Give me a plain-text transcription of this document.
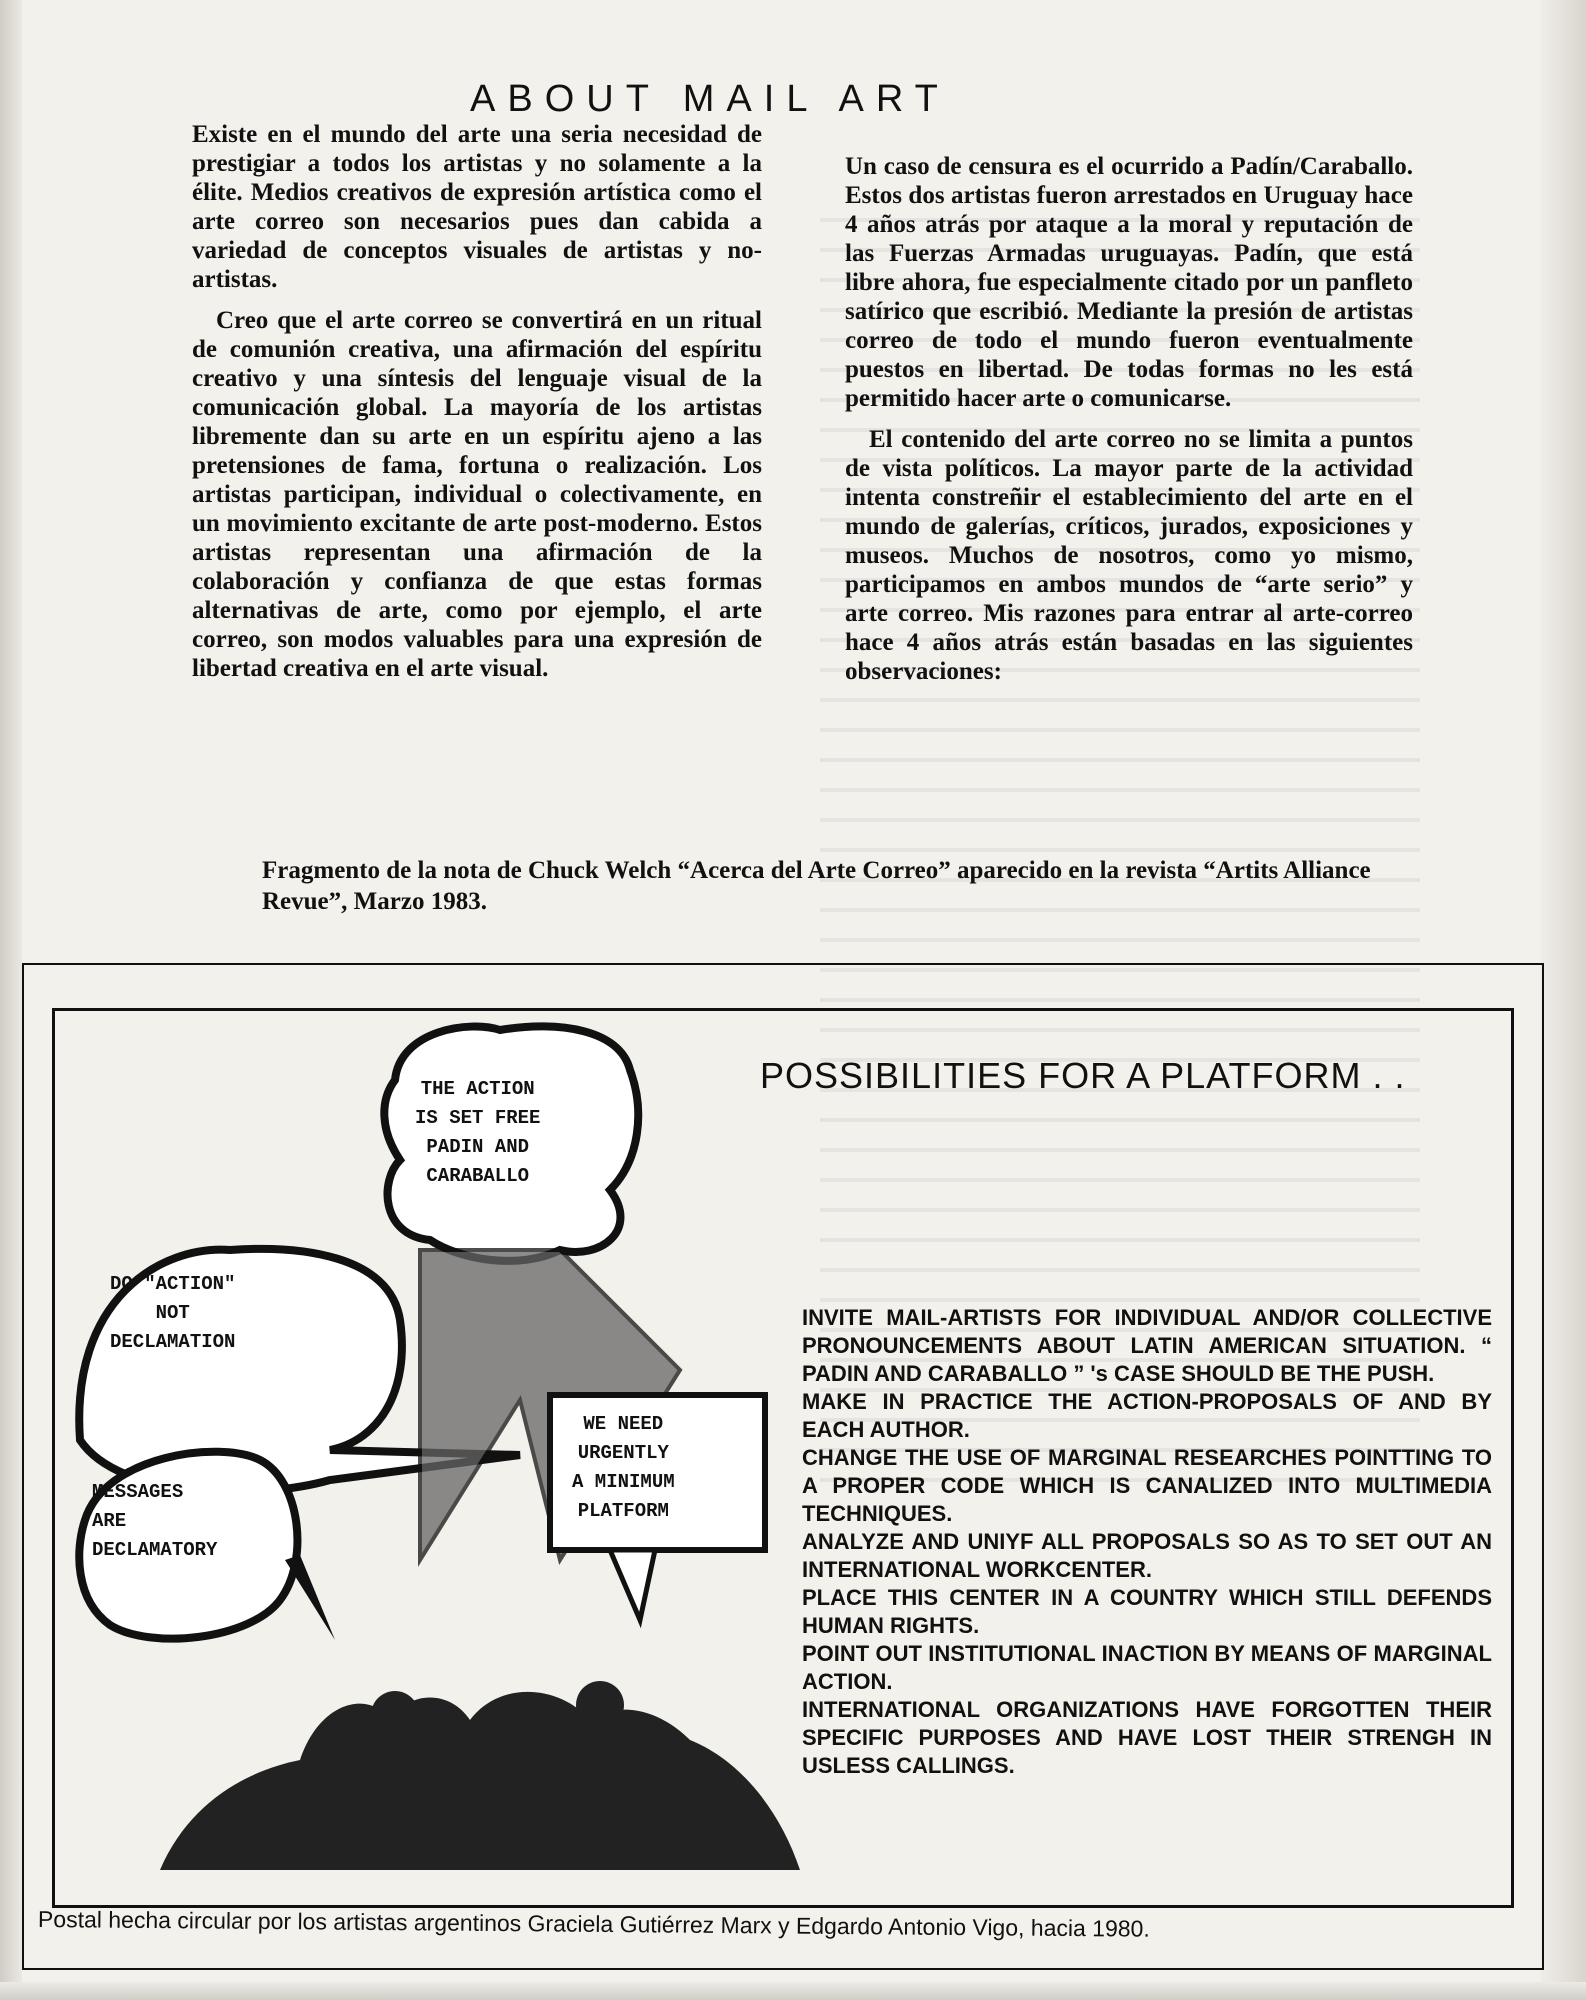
ABOUT MAIL ART

Existe en el mundo del arte una seria necesidad de prestigiar a todos los artistas y no solamente a la élite. Medios creativos de expresión artística como el arte correo son necesarios pues dan cabida a variedad de conceptos visuales de artistas y no-artistas.

Creo que el arte correo se convertirá en un ritual de comunión creativa, una afirmación del espíritu creativo y una síntesis del lenguaje visual de la comunicación global. La mayoría de los artistas libremente dan su arte en un espíritu ajeno a las pretensiones de fama, fortuna o realización. Los artistas participan, individual o colectivamente, en un movimiento excitante de arte post-moderno. Estos artistas representan una afirmación de la colaboración y confianza de que estas formas alternativas de arte, como por ejemplo, el arte correo, son modos valuables para una expresión de libertad creativa en el arte visual.

Un caso de censura es el ocurrido a Padín/Caraballo. Estos dos artistas fueron arrestados en Uruguay hace 4 años atrás por ataque a la moral y reputación de las Fuerzas Armadas uruguayas. Padín, que está libre ahora, fue especialmente citado por un panfleto satírico que escribió. Mediante la presión de artistas correo de todo el mundo fueron eventualmente puestos en libertad. De todas formas no les está permitido hacer arte o comunicarse.

El contenido del arte correo no se limita a puntos de vista políticos. La mayor parte de la actividad intenta constreñir el establecimiento del arte en el mundo de galerías, críticos, jurados, exposiciones y museos. Muchos de nosotros, como yo mismo, participamos en ambos mundos de “arte serio” y arte correo. Mis razones para entrar al arte-correo hace 4 años atrás están basadas en las siguientes observaciones:

Fragmento de la nota de Chuck Welch “Acerca del Arte Correo” aparecido en la revista “Artits Alliance Revue”, Marzo 1983.
THE ACTION
IS SET FREE
PADIN AND
CARABALLO
DO "ACTION"
NOT
DECLAMATION
WE NEED
URGENTLY
A MINIMUM
PLATFORM
MESSAGES
ARE
DECLAMATORY
POSSIBILITIES FOR A PLATFORM . .
INVITE MAIL-ARTISTS FOR INDIVIDUAL AND/OR COLLECTIVE PRONOUNCEMENTS ABOUT LATIN AMERICAN SITUATION. “ PADIN AND CARABALLO ” 's CASE SHOULD BE THE PUSH.
MAKE IN PRACTICE THE ACTION-PROPOSALS OF AND BY EACH AUTHOR.
CHANGE THE USE OF MARGINAL RESEARCHES POINTTING TO A PROPER CODE WHICH IS CANALIZED INTO MULTIMEDIA TECHNIQUES.
ANALYZE AND UNIYF ALL PROPOSALS SO AS TO SET OUT AN INTERNATIONAL WORKCENTER.
PLACE THIS CENTER IN A COUNTRY WHICH STILL DEFENDS HUMAN RIGHTS.
POINT OUT INSTITUTIONAL INACTION BY MEANS OF MARGINAL ACTION.
INTERNATIONAL ORGANIZATIONS HAVE FORGOTTEN THEIR SPECIFIC PURPOSES AND HAVE LOST THEIR STRENGH IN USLESS CALLINGS.
Postal hecha circular por los artistas argentinos Graciela Gutiérrez Marx y Edgardo Antonio Vigo, hacia 1980.
